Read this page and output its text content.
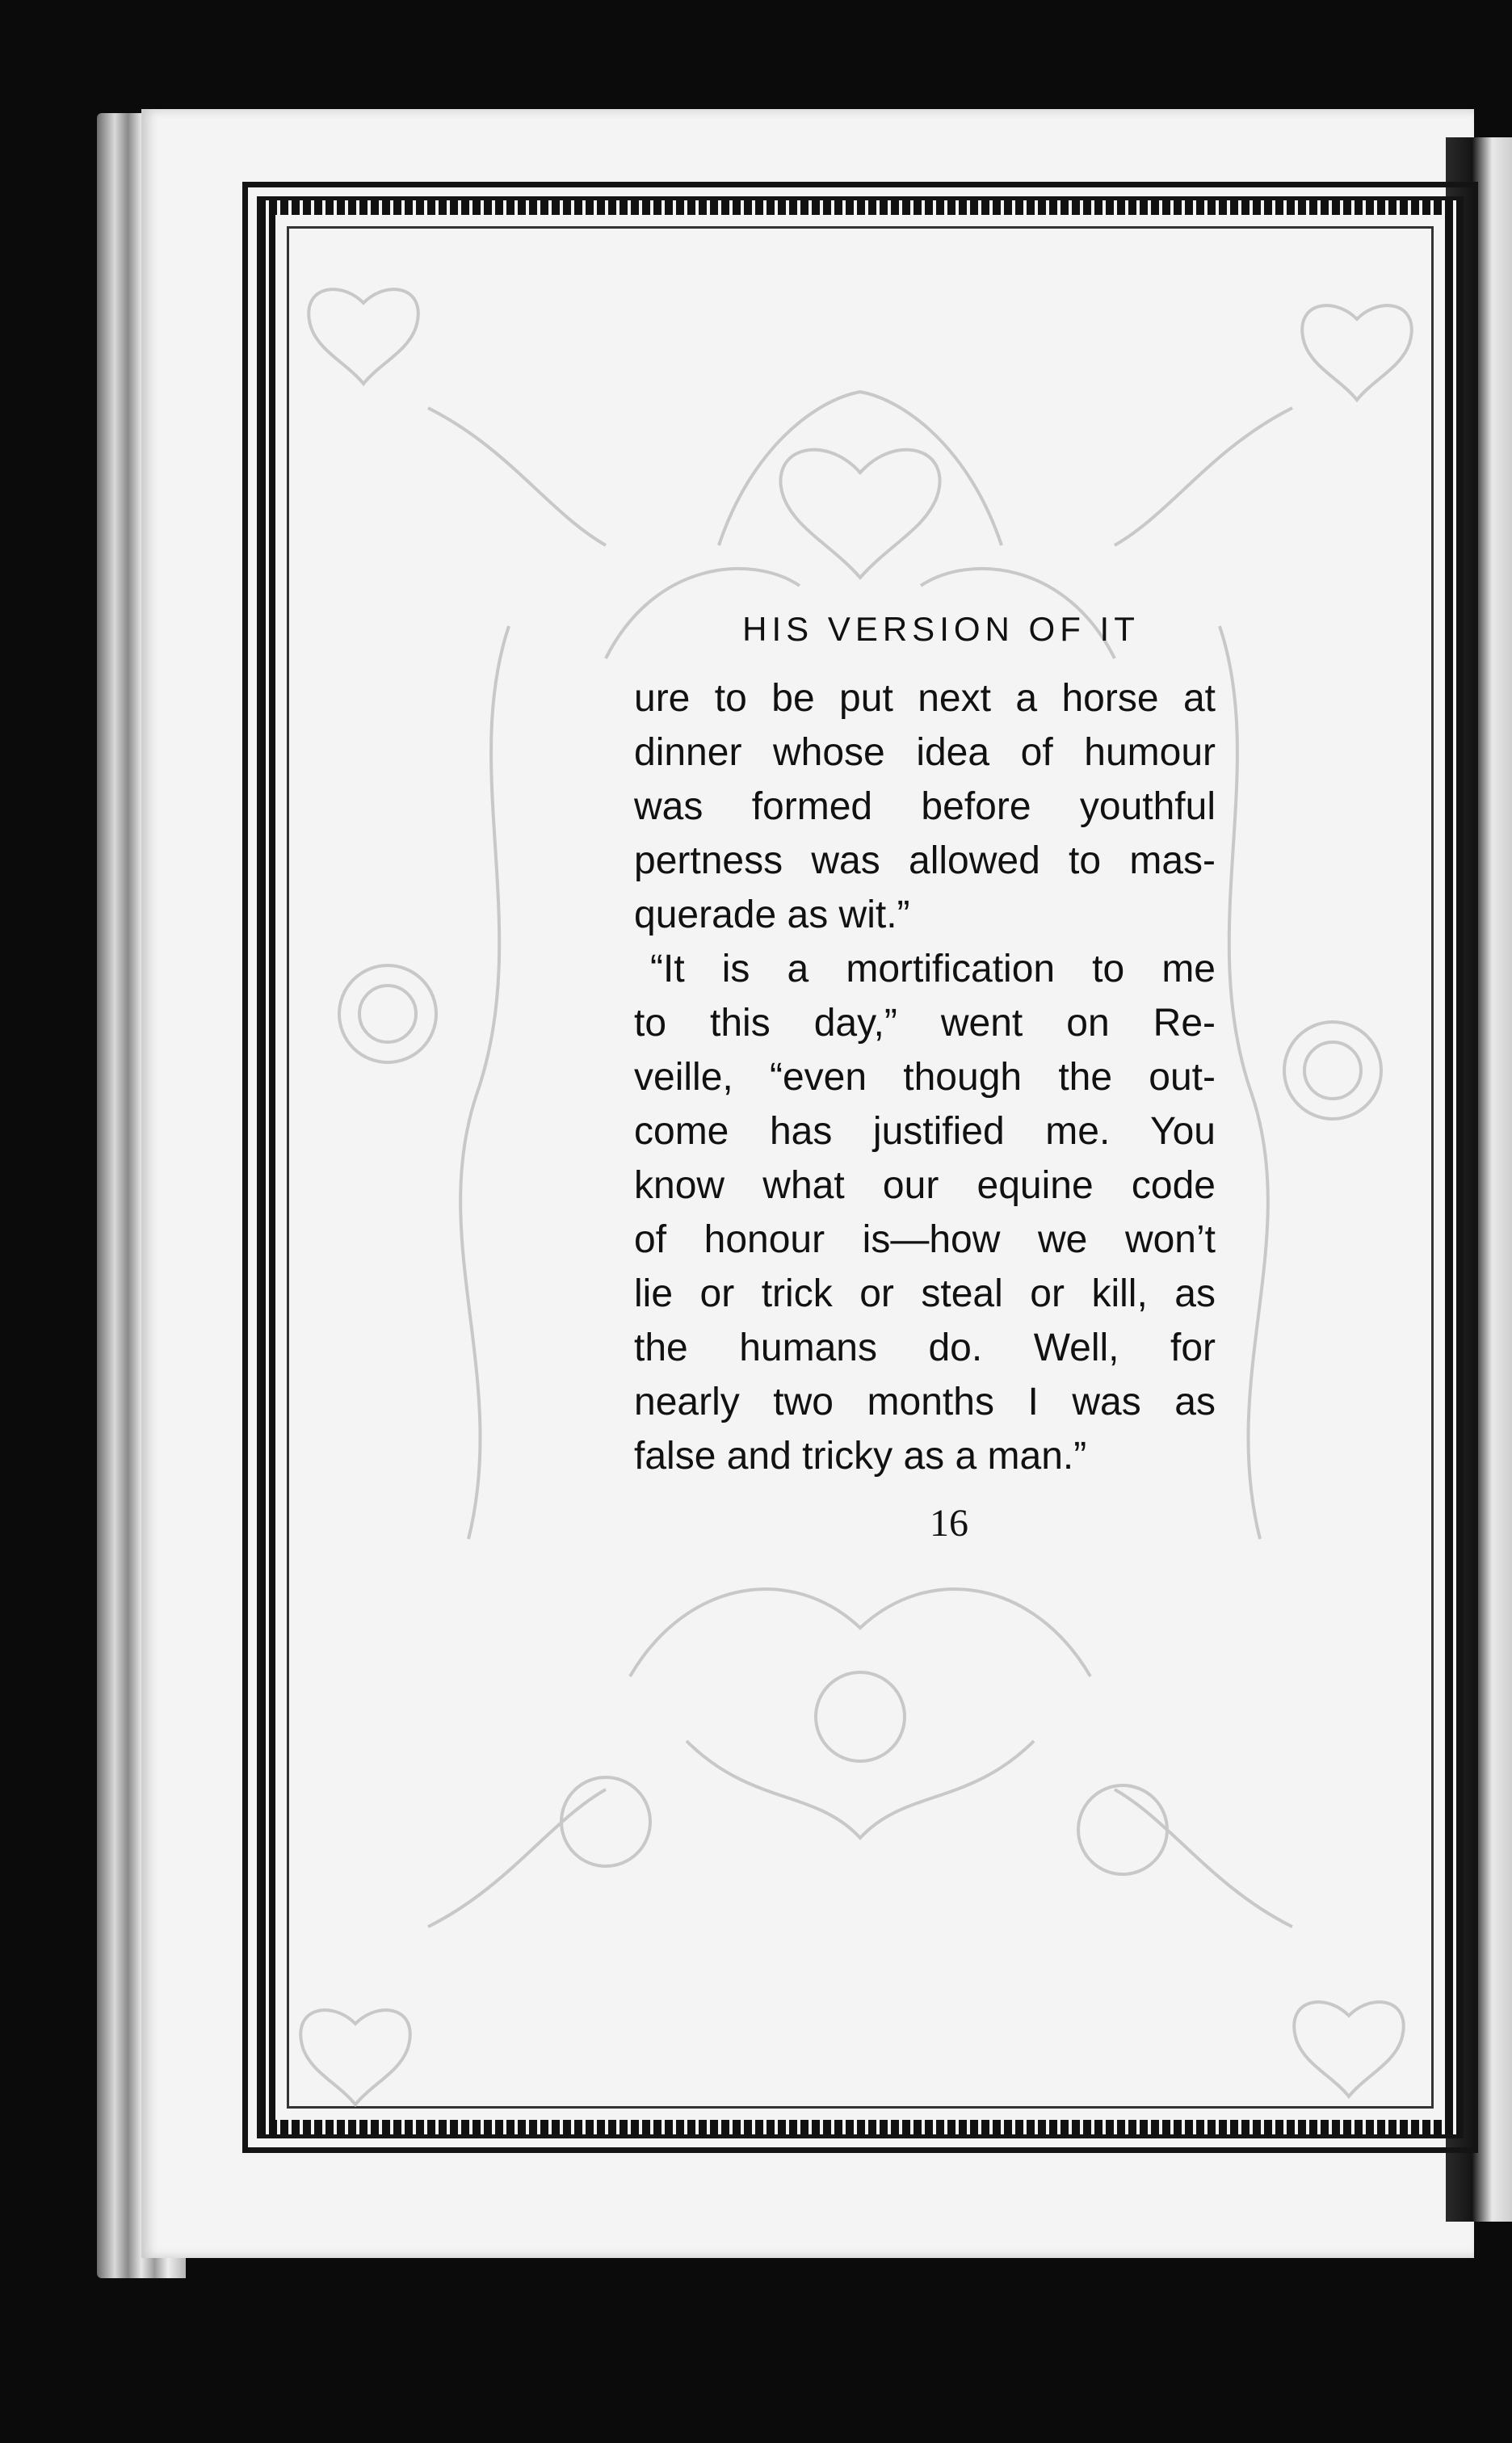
HIS VERSION OF IT

ure to be put next a horse at
dinner whose idea of humour
was formed before youthful
pertness was allowed to mas-
querade as wit.”

“It is a mortification to me
to this day,” went on Re-
veille, “even though the out-
come has justified me. You
know what our equine code
of honour is—how we won’t
lie or trick or steal or kill, as
the humans do. Well, for
nearly two months I was as
false and tricky as a man.”

16
